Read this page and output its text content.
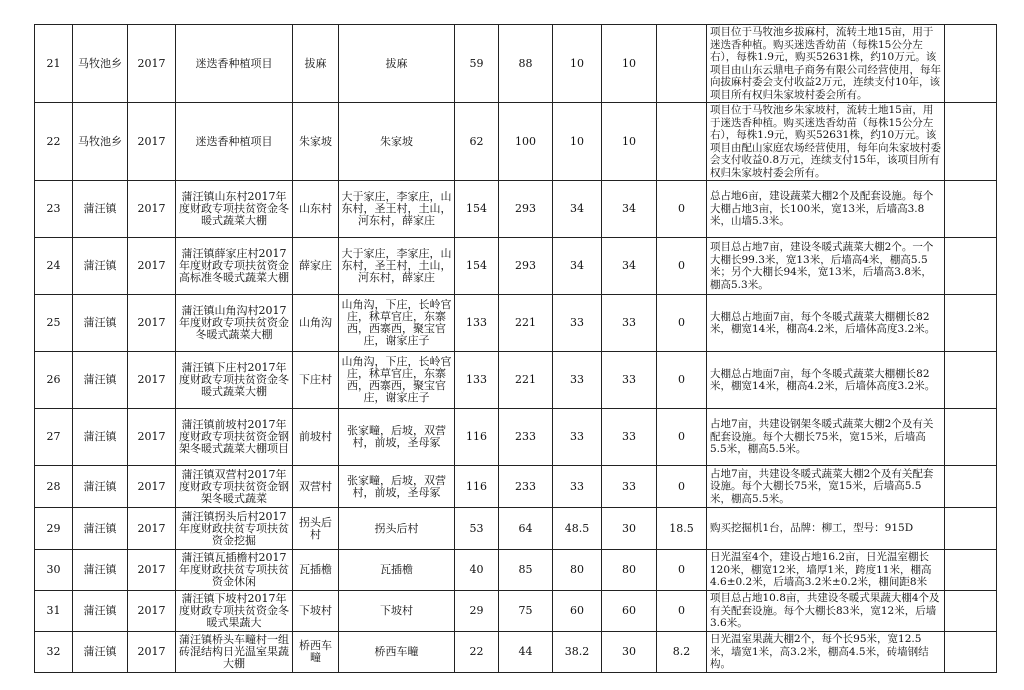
21	马牧池乡	2017	迷迭香种植项目	拔麻	拔麻	59	88	10	10		项目位于马牧池乡拔麻村，流转土地15亩，用于迷迭香种植。购买迷迭香幼苗（每株15公分左右），每株1.9元，购买52631株，约10万元。该项目由山东云鼎电子商务有限公司经营使用，每年向拔麻村委会支付收益2万元，连续支付10年，该项目所有权归朱家坡村委会所有。	

22	马牧池乡	2017	迷迭香种植项目	朱家坡	朱家坡	62	100	10	10		项目位于马牧池乡朱家坡村，流转土地15亩，用于迷迭香种植。购买迷迭香幼苗（每株15公分左右），每株1.9元，购买52631株，约10万元。该项目由配山家庭农场经营使用，每年向朱家坡村委会支付收益0.8万元，连续支付15年，该项目所有权归朱家坡村委会所有。	

23	蒲汪镇	2017	蒲汪镇山东村2017年度财政专项扶贫资金冬暖式蔬菜大棚	山东村	大于家庄，李家庄，山东村，圣王村，土山，河东村，薛家庄	154	293	34	34	0	总占地6亩，建设蔬菜大棚2个及配套设施。每个大棚占地3亩，长100米，宽13米，后墙高3.8米，山墙5.3米。	

24	蒲汪镇	2017	蒲汪镇薛家庄村2017年度财政专项扶贫资金高标准冬暖式蔬菜大棚	薛家庄	大于家庄，李家庄，山东村，圣王村，土山，河东村，薛家庄	154	293	34	34	0	项目总占地7亩，建设冬暖式蔬菜大棚2个。一个大棚长99.3米，宽13米，后墙高4米，棚高5.5米；另个大棚长94米，宽13米，后墙高3.8米，棚高5.3米。	

25	蒲汪镇	2017	蒲汪镇山角沟村2017年度财政专项扶贫资金冬暖式蔬菜大棚	山角沟	山角沟，下庄，长岭官庄，秫草官庄，东寨西，西寨西，聚宝官庄，谢家庄子	133	221	33	33	0	大棚总占地面7亩，每个冬暖式蔬菜大棚棚长82米，棚宽14米，棚高4.2米，后墙体高度3.2米。	

26	蒲汪镇	2017	蒲汪镇下庄村2017年度财政专项扶贫资金冬暖式蔬菜大棚	下庄村	山角沟，下庄，长岭官庄，秫草官庄，东寨西，西寨西，聚宝官庄，谢家庄子	133	221	33	33	0	大棚总占地面7亩，每个冬暖式蔬菜大棚棚长82米，棚宽14米，棚高4.2米，后墙体高度3.2米。	

27	蒲汪镇	2017	蒲汪镇前坡村2017年度财政专项扶贫资金钢架冬暖式蔬菜大棚项目	前坡村	张家疃，后坡，双营村，前坡，圣母冢	116	233	33	33	0	占地7亩，共建设钢架冬暖式蔬菜大棚2个及有关配套设施。每个大棚长75米，宽15米，后墙高5.5米，棚高5.5米。	

28	蒲汪镇	2017	蒲汪镇双营村2017年度财政专项扶贫资金钢架冬暖式蔬菜	双营村	张家疃，后坡，双营村，前坡，圣母冢	116	233	33	33	0	占地7亩，共建设冬暖式蔬菜大棚2个及有关配套设施。每个大棚长75米，宽15米，后墙高5.5米，棚高5.5米。	

29	蒲汪镇	2017	蒲汪镇拐头后村2017年度财政扶贫专项扶贫资金挖掘	拐头后村	拐头后村	53	64	48.5	30	18.5	购买挖掘机1台，品牌：柳工，型号：915D	

30	蒲汪镇	2017	蒲汪镇瓦插檐村2017年度财政扶贫专项扶贫资金休闲	瓦插檐	瓦插檐	40	85	80	80	0	日光温室4个，建设占地16.2亩，日光温室棚长120米，棚宽12米，墙厚1米，跨度11米，棚高4.6±0.2米，后墙高3.2米±0.2米，棚间距8米	

31	蒲汪镇	2017	蒲汪镇下坡村2017年度财政专项扶贫资金冬暖式果蔬大	下坡村	下坡村	29	75	60	60	0	项目总占地10.8亩，共建设冬暖式果蔬大棚4个及有关配套设施。每个大棚长83米，宽12米，后墙3.6米。	

32	蒲汪镇	2017	蒲汪镇桥头车疃村一组砖混结构日光温室果蔬大棚	桥西车疃	桥西车疃	22	44	38.2	30	8.2	日光温室果蔬大棚2个，每个长95米，宽12.5米，墙宽1米，高3.2米，棚高4.5米，砖墙钢结构。	
